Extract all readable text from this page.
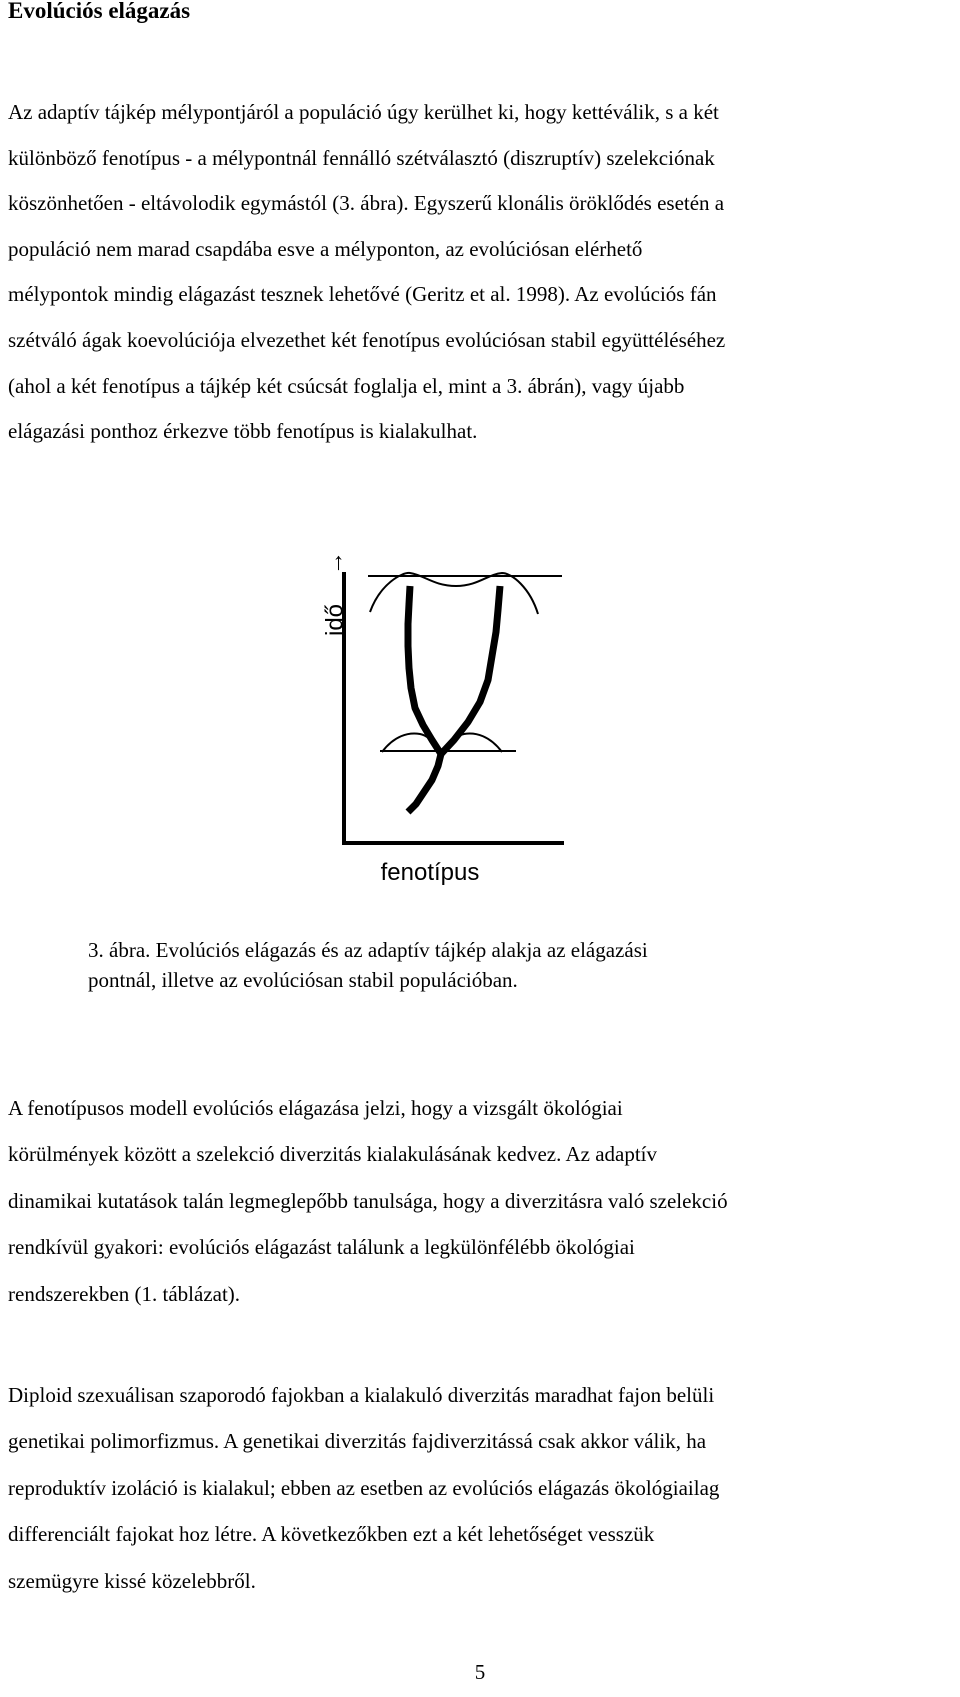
Evolúciós elágazás

Az adaptív tájkép mélypontjáról a populáció úgy kerülhet ki, hogy kettéválik, s a két
különböző fenotípus - a mélypontnál fennálló szétválasztó (diszruptív) szelekciónak
köszönhetően - eltávolodik egymástól (3. ábra). Egyszerű klonális öröklődés esetén a
populáció nem marad csapdába esve a mélyponton, az evolúciósan elérhető
mélypontok mindig elágazást tesznek lehetővé (Geritz et al. 1998). Az evolúciós fán
szétváló ágak koevolúciója elvezethet két fenotípus evolúciósan stabil együttéléséhez
(ahol a két fenotípus a tájkép két csúcsát foglalja el, mint a 3. ábrán), vagy újabb
elágazási ponthoz érkezve több fenotípus is kialakulhat.

idő
→
fenotípus

3. ábra. Evolúciós elágazás és az adaptív tájkép alakja az elágazási
pontnál, illetve az evolúciósan stabil populációban.

A fenotípusos modell evolúciós elágazása jelzi, hogy a vizsgált ökológiai
körülmények között a szelekció diverzitás kialakulásának kedvez. Az adaptív
dinamikai kutatások talán legmeglepőbb tanulsága, hogy a diverzitásra való szelekció
rendkívül gyakori: evolúciós elágazást találunk a legkülönfélébb ökológiai
rendszerekben (1. táblázat).

Diploid szexuálisan szaporodó fajokban a kialakuló diverzitás maradhat fajon belüli
genetikai polimorfizmus. A genetikai diverzitás fajdiverzitássá csak akkor válik, ha
reproduktív izoláció is kialakul; ebben az esetben az evolúciós elágazás ökológiailag
differenciált fajokat hoz létre. A következőkben ezt a két lehetőséget vesszük
szemügyre kissé közelebbről.

5
